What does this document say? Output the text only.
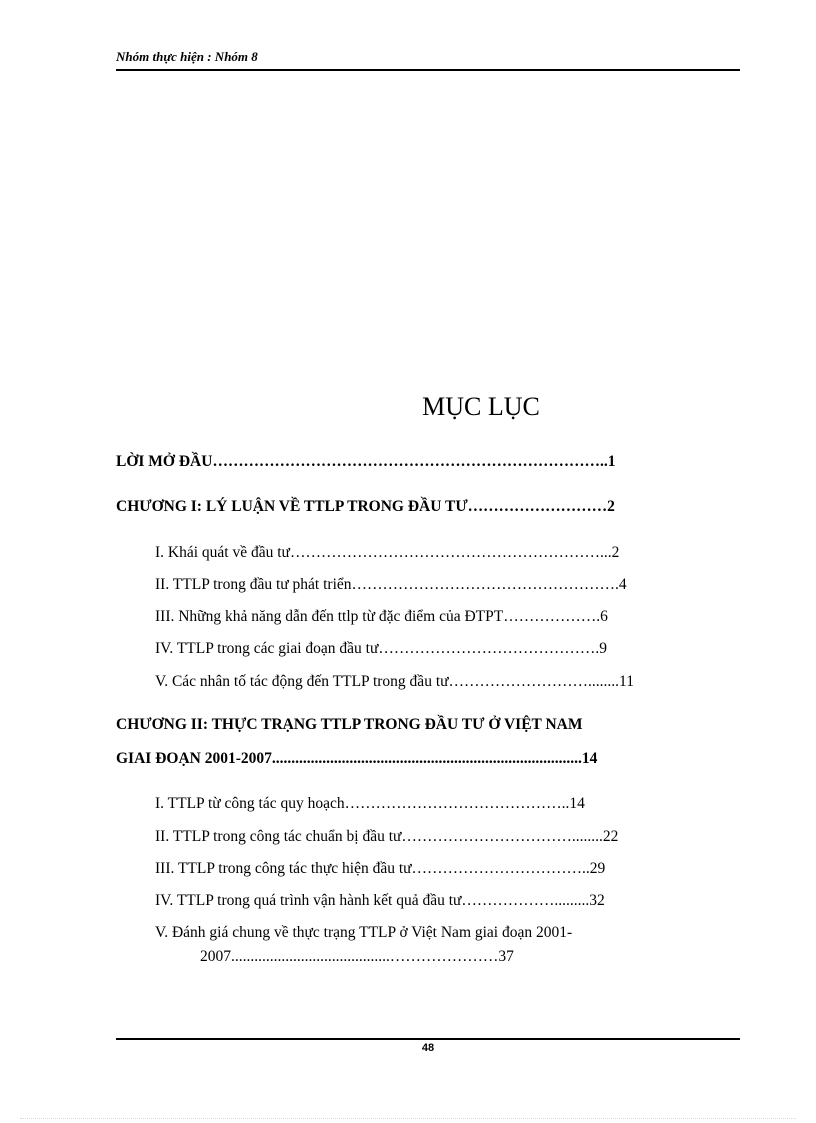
Nhóm thực hiện : Nhóm 8
MỤC LỤC
LỜI MỞ ĐẦU…………………………………………………………………..1
CHƯƠNG I: LÝ LUẬN VỀ TTLP TRONG ĐẦU TƯ………………………2
I. Khái quát về đầu tư……………………………………………………...2
II. TTLP trong đầu tư phát triển…………………………………………….4
III. Những khả năng dẫn đến ttlp từ đặc điểm của ĐTPT……………….6
IV. TTLP trong các giai đoạn đầu tư…………………………………….9
V. Các nhân tố tác động đến TTLP trong đầu tư………………………........11
CHƯƠNG II: THỰC TRẠNG TTLP TRONG ĐẦU TƯ Ở VIỆT NAM
GIAI ĐOẠN 2001-2007................................................................................14
I. TTLP từ công tác quy hoạch……………………………………..14
II. TTLP trong công tác chuẩn bị đầu tư……………………………........22
III. TTLP trong công tác thực hiện đầu tư……………………………..29
IV. TTLP trong quá trình vận hành kết quả đầu tư……………….........32
V. Đánh giá chung về thực trạng TTLP ở Việt Nam giai đoạn 2001-
2007.........................................…………………37
48
